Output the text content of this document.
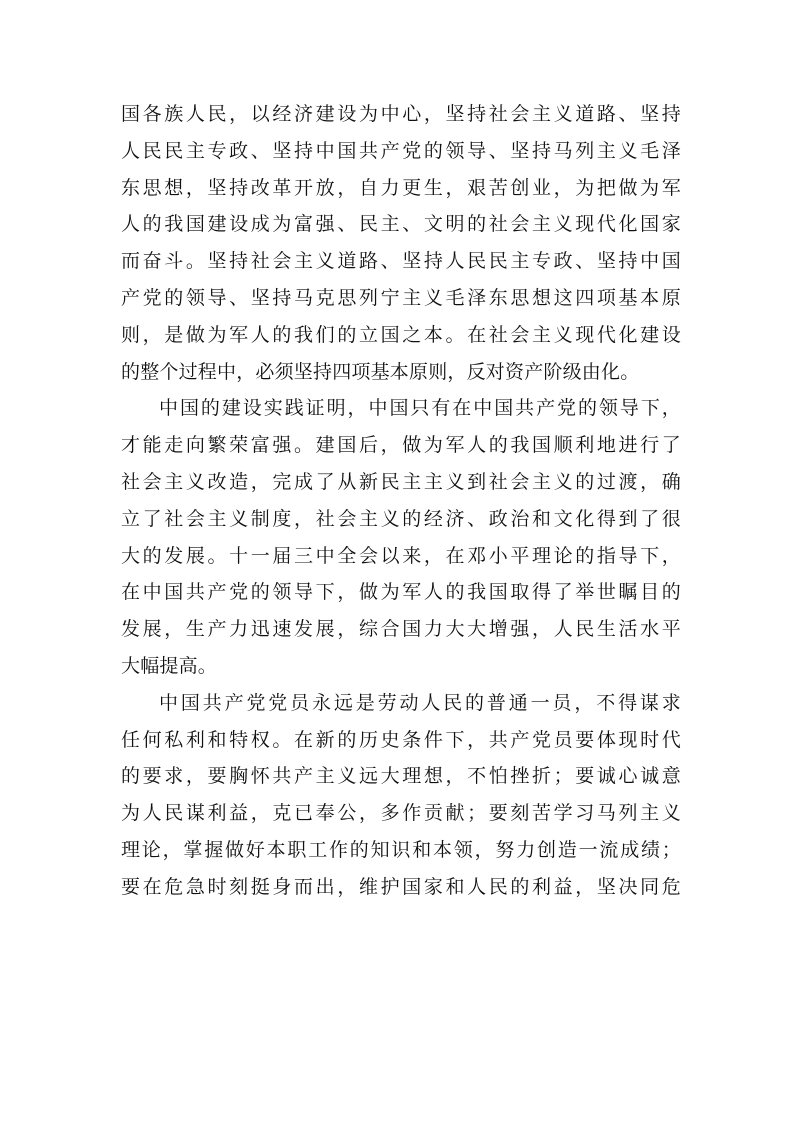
国各族人民，以经济建设为中心，坚持社会主义道路、坚持
人民民主专政、坚持中国共产党的领导、坚持马列主义毛泽
东思想，坚持改革开放，自力更生，艰苦创业，为把做为军
人的我国建设成为富强、民主、文明的社会主义现代化国家
而奋斗。坚持社会主义道路、坚持人民民主专政、坚持中国
产党的领导、坚持马克思列宁主义毛泽东思想这四项基本原
则，是做为军人的我们的立国之本。在社会主义现代化建设
的整个过程中，必须坚持四项基本原则，反对资产阶级由化。
中国的建设实践证明，中国只有在中国共产党的领导下，
才能走向繁荣富强。建国后，做为军人的我国顺利地进行了
社会主义改造，完成了从新民主主义到社会主义的过渡，确
立了社会主义制度，社会主义的经济、政治和文化得到了很
大的发展。十一届三中全会以来，在邓小平理论的指导下，
在中国共产党的领导下，做为军人的我国取得了举世瞩目的
发展，生产力迅速发展，综合国力大大增强，人民生活水平
大幅提高。
中国共产党党员永远是劳动人民的普通一员，不得谋求
任何私利和特权。在新的历史条件下，共产党员要体现时代
的要求，要胸怀共产主义远大理想，不怕挫折；要诚心诚意
为人民谋利益，克已奉公，多作贡献；要刻苦学习马列主义
理论，掌握做好本职工作的知识和本领，努力创造一流成绩；
要在危急时刻挺身而出，维护国家和人民的利益，坚决同危
